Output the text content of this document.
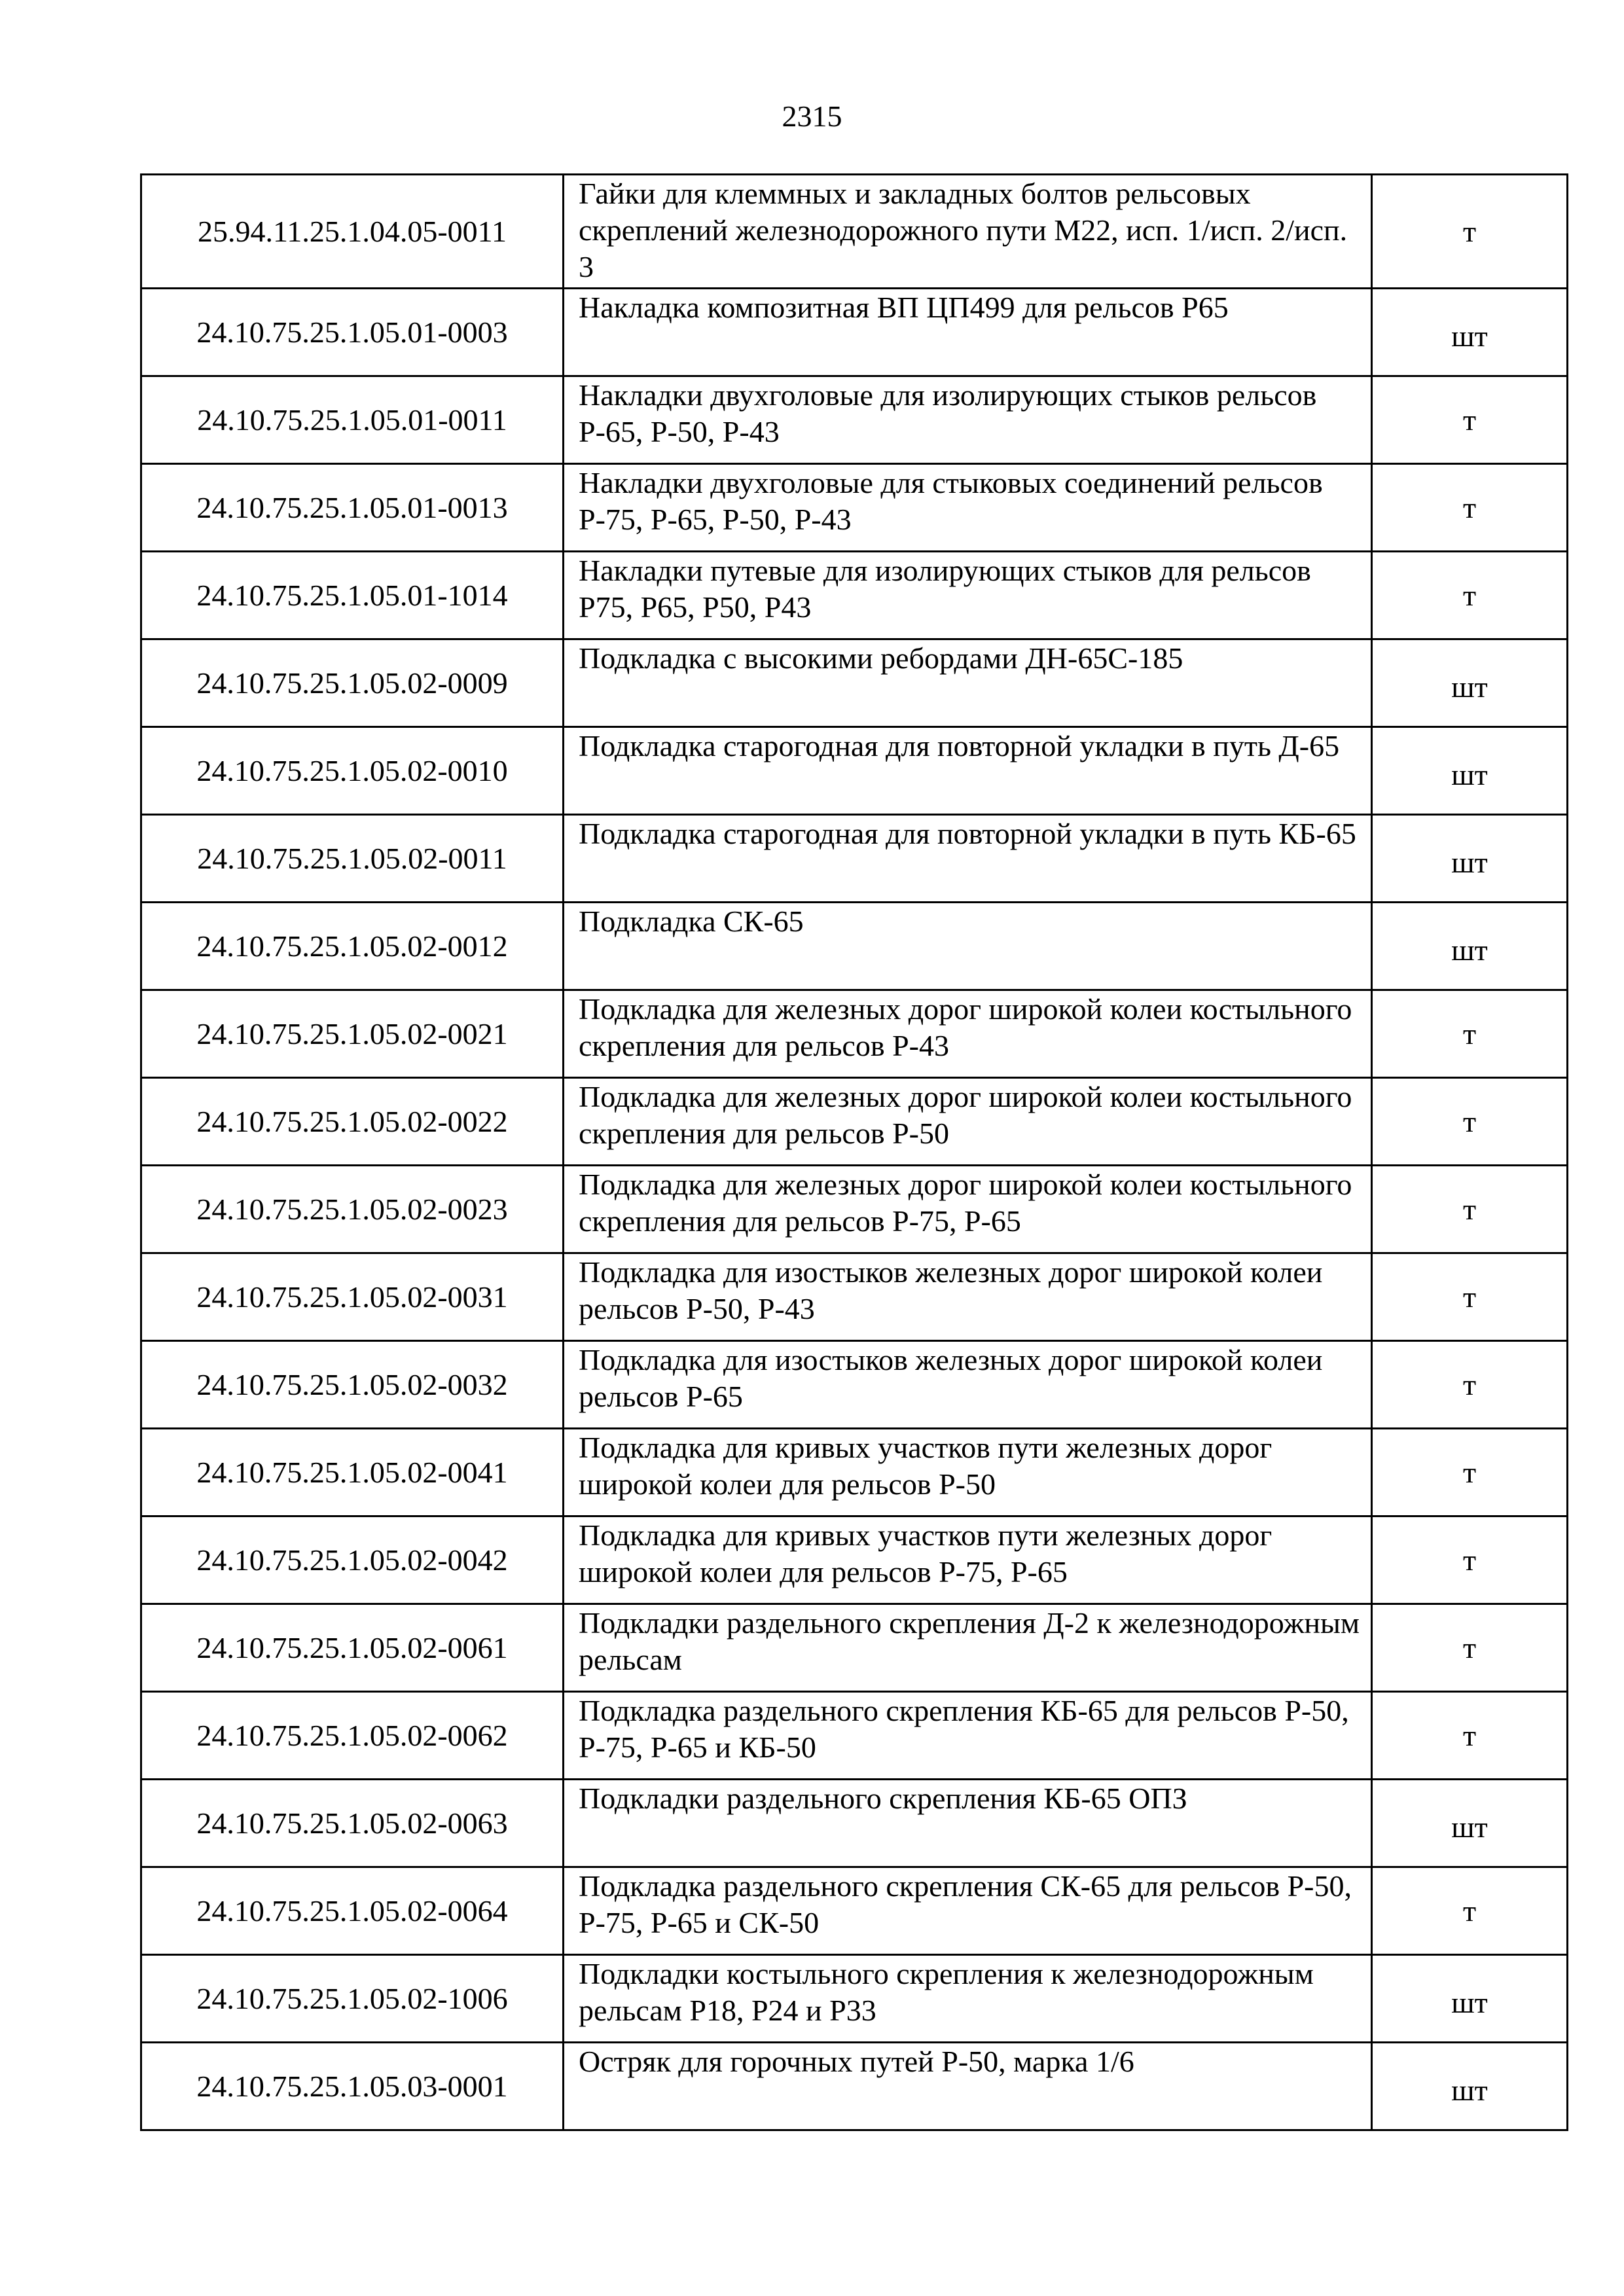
2315
25.94.11.25.1.04.05-0011	Гайки для клеммных и закладных болтов рельсовых скреплений железнодорожного пути М22, исп. 1/исп. 2/исп. 3	т
24.10.75.25.1.05.01-0003	Накладка композитная ВП ЦП499 для рельсов Р65	шт
24.10.75.25.1.05.01-0011	Накладки двухголовые для изолирующих стыков рельсов Р-65, Р-50, Р-43	т
24.10.75.25.1.05.01-0013	Накладки двухголовые для стыковых соединений рельсов Р-75, Р-65, Р-50, Р-43	т
24.10.75.25.1.05.01-1014	Накладки путевые для изолирующих стыков для рельсов Р75, Р65, Р50, Р43	т
24.10.75.25.1.05.02-0009	Подкладка с высокими ребордами ДН-65С-185	шт
24.10.75.25.1.05.02-0010	Подкладка старогодная для повторной укладки в путь Д-65	шт
24.10.75.25.1.05.02-0011	Подкладка старогодная для повторной укладки в путь КБ-65	шт
24.10.75.25.1.05.02-0012	Подкладка СК-65	шт
24.10.75.25.1.05.02-0021	Подкладка для железных дорог широкой колеи костыльного скрепления для рельсов Р-43	т
24.10.75.25.1.05.02-0022	Подкладка для железных дорог широкой колеи костыльного скрепления для рельсов Р-50	т
24.10.75.25.1.05.02-0023	Подкладка для железных дорог широкой колеи костыльного скрепления для рельсов Р-75, Р-65	т
24.10.75.25.1.05.02-0031	Подкладка для изостыков железных дорог широкой колеи рельсов Р-50, Р-43	т
24.10.75.25.1.05.02-0032	Подкладка для изостыков железных дорог широкой колеи рельсов Р-65	т
24.10.75.25.1.05.02-0041	Подкладка для кривых участков пути железных дорог широкой колеи для рельсов Р-50	т
24.10.75.25.1.05.02-0042	Подкладка для кривых участков пути железных дорог широкой колеи для рельсов Р-75, Р-65	т
24.10.75.25.1.05.02-0061	Подкладки раздельного скрепления Д-2 к железнодорожным рельсам	т
24.10.75.25.1.05.02-0062	Подкладка раздельного скрепления КБ-65 для рельсов Р-50, Р-75, Р-65 и КБ-50	т
24.10.75.25.1.05.02-0063	Подкладки раздельного скрепления КБ-65 ОПЗ	шт
24.10.75.25.1.05.02-0064	Подкладка раздельного скрепления СК-65 для рельсов Р-50, Р-75, Р-65 и СК-50	т
24.10.75.25.1.05.02-1006	Подкладки костыльного скрепления к железнодорожным рельсам Р18, Р24 и Р33	шт
24.10.75.25.1.05.03-0001	Остряк для горочных путей Р-50, марка 1/6	шт
